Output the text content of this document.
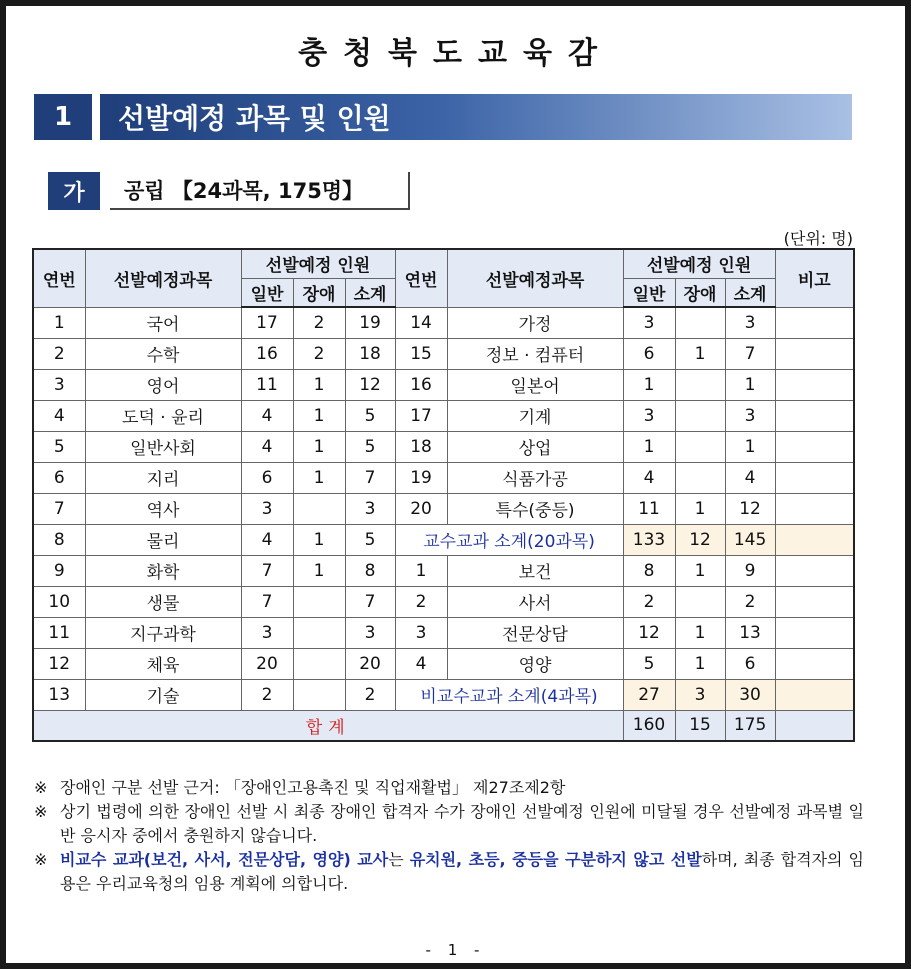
충청북도교육감
1	선발예정 과목 및 인원
가	공립 【24과목, 175명】
(단위: 명)
연번	선발예정과목	선발예정 인원			연번	선발예정과목	선발예정 인원			비고
		일반	장애	소계			일반	장애	소계	
1	국어	17	2	19	14	가정	3		3	
2	수학	16	2	18	15	정보 · 컴퓨터	6	1	7	
3	영어	11	1	12	16	일본어	1		1	
4	도덕 · 윤리	4	1	5	17	기계	3		3	
5	일반사회	4	1	5	18	상업	1		1	
6	지리	6	1	7	19	식품가공	4		4	
7	역사	3		3	20	특수(중등)	11	1	12	
8	물리	4	1	5	교수교과 소계(20과목)		133	12	145	
9	화학	7	1	8	1	보건	8	1	9	
10	생물	7		7	2	사서	2		2	
11	지구과학	3		3	3	전문상담	12	1	13	
12	체육	20		20	4	영양	5	1	6	
13	기술	2		2	비교수교과 소계(4과목)		27	3	30	
합계							160	15	175	
※ 장애인 구분 선발 근거: 「장애인고용촉진 및 직업재활법」 제27조제2항
※ 상기 법령에 의한 장애인 선발 시 최종 장애인 합격자 수가 장애인 선발예정 인원에 미달될 경우 선발예정 과목별 일반 응시자 중에서 충원하지 않습니다.
※ 비교수 교과(보건, 사서, 전문상담, 영양) 교사는 유치원, 초등, 중등을 구분하지 않고 선발하며, 최종 합격자의 임용은 우리교육청의 임용 계획에 의합니다.
- 1 -
